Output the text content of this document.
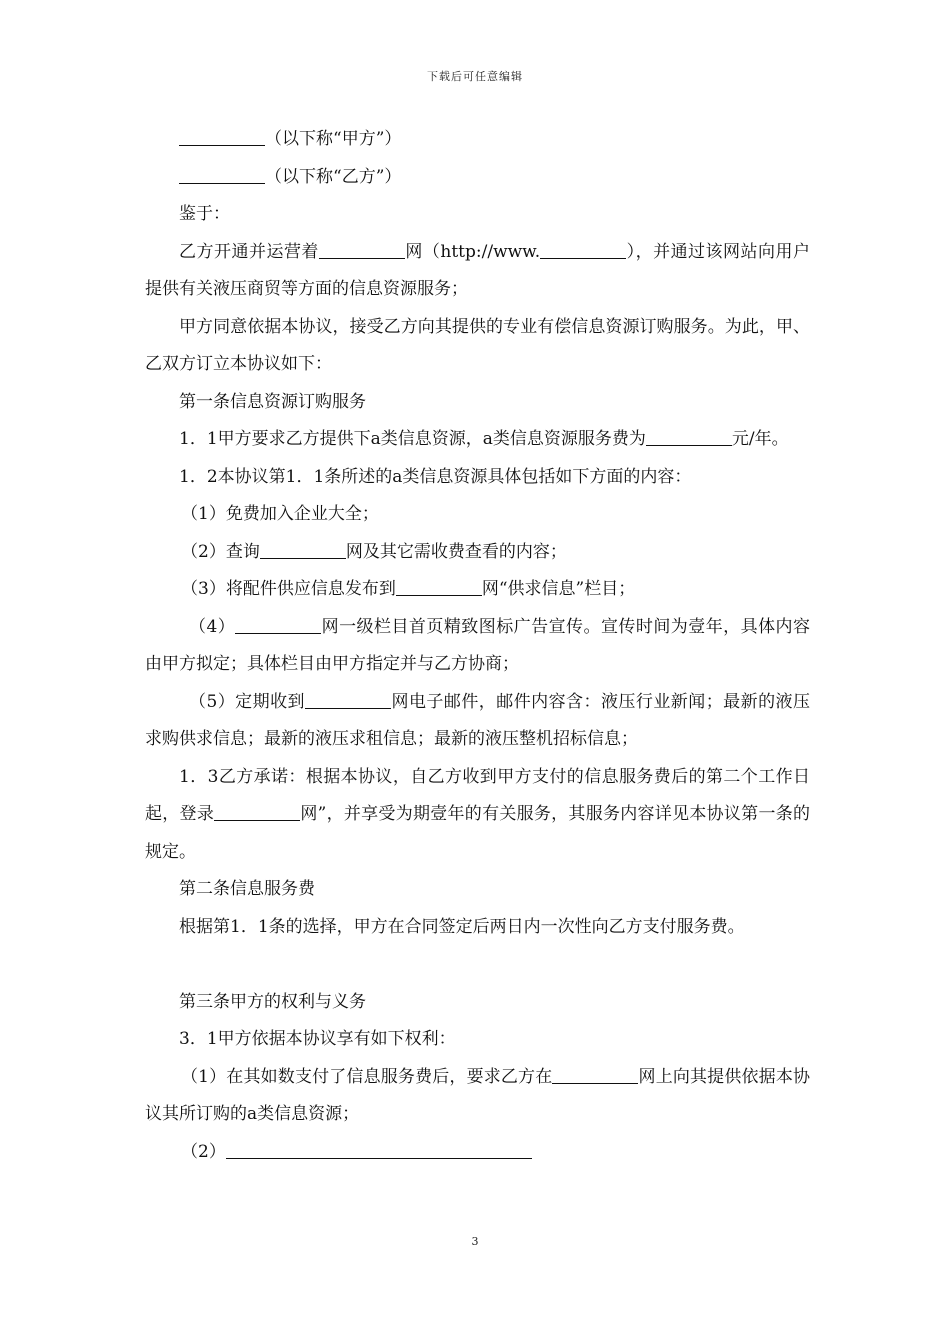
下载后可任意编辑

（以下称“甲方”）

（以下称“乙方”）

鉴于：

乙方开通并运营着	网（http://www.	），并通过该网站向用户提供有关液压商贸等方面的信息资源服务；

甲方同意依据本协议，接受乙方向其提供的专业有偿信息资源订购服务。为此，甲、乙双方订立本协议如下：

第一条信息资源订购服务

1．1甲方要求乙方提供下a类信息资源，a类信息资源服务费为	元/年。

1．2本协议第1．1条所述的a类信息资源具体包括如下方面的内容：

（1）免费加入企业大全；

（2）查询	网及其它需收费查看的内容；

（3）将配件供应信息发布到	网“供求信息”栏目；

（4）	网一级栏目首页精致图标广告宣传。宣传时间为壹年，具体内容由甲方拟定；具体栏目由甲方指定并与乙方协商；

（5）定期收到	网电子邮件，邮件内容含：液压行业新闻；最新的液压求购供求信息；最新的液压求租信息；最新的液压整机招标信息；

1．3乙方承诺：根据本协议，自乙方收到甲方支付的信息服务费后的第二个工作日起，登录	网”，并享受为期壹年的有关服务，其服务内容详见本协议第一条的规定。

第二条信息服务费

根据第1．1条的选择，甲方在合同签定后两日内一次性向乙方支付服务费。

第三条甲方的权利与义务

3．1甲方依据本协议享有如下权利：

（1）在其如数支付了信息服务费后，要求乙方在	网上向其提供依据本协议其所订购的a类信息资源；

（2）

3
